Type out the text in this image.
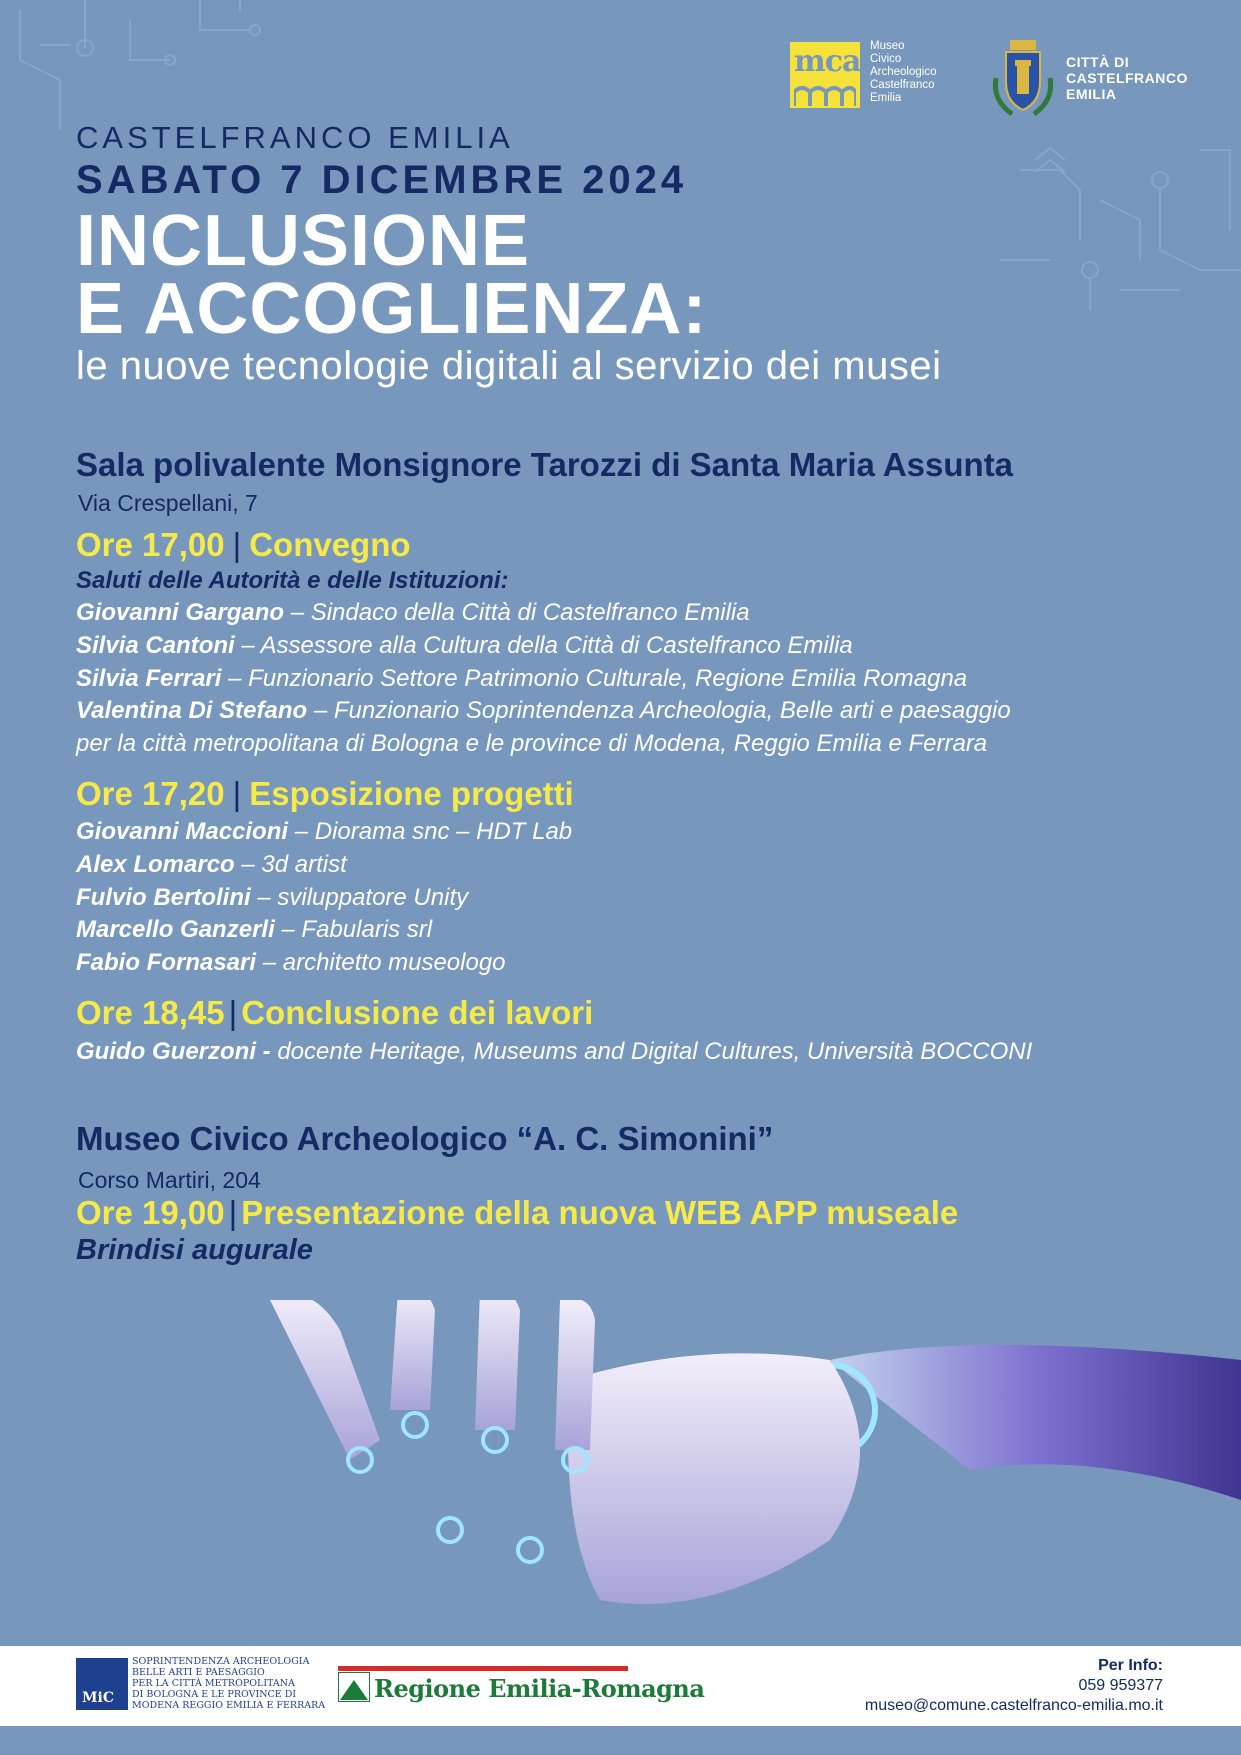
mca Museo
Civico
Archeologico
Castelfranco
Emilia
CITTÀ DI
CASTELFRANCO
EMILIA
CASTELFRANCO EMILIA
SABATO 7 DICEMBRE 2024
INCLUSIONE
E ACCOGLIENZA:
le nuove tecnologie digitali al servizio dei musei
Sala polivalente Monsignore Tarozzi di Santa Maria Assunta
Via Crespellani, 7
Ore 17,00 | Convegno
Saluti delle Autorità e delle Istituzioni:
Giovanni Gargano – Sindaco della Città di Castelfranco Emilia
Silvia Cantoni – Assessore alla Cultura della Città di Castelfranco Emilia
Silvia Ferrari – Funzionario Settore Patrimonio Culturale, Regione Emilia Romagna
Valentina Di Stefano – Funzionario Soprintendenza Archeologia, Belle arti e paesaggio
per la città metropolitana di Bologna e le province di Modena, Reggio Emilia e Ferrara
Ore 17,20 | Esposizione progetti
Giovanni Maccioni – Diorama snc – HDT Lab
Alex Lomarco – 3d artist
Fulvio Bertolini – sviluppatore Unity
Marcello Ganzerli – Fabularis srl
Fabio Fornasari – architetto museologo
Ore 18,45 | Conclusione dei lavori
Guido Guerzoni - docente Heritage, Museums and Digital Cultures, Università BOCCONI
Museo Civico Archeologico “A. C. Simonini”
Corso Martiri, 204
Ore 19,00 | Presentazione della nuova WEB APP museale
Brindisi augurale
MiC
SOPRINTENDENZA ARCHEOLOGIA
BELLE ARTI E PAESAGGIO
PER LA CITTÀ METROPOLITANA
DI BOLOGNA E LE PROVINCE DI
MODENA REGGIO EMILIA E FERRARA
Regione Emilia-Romagna
Per Info:
059 959377
museo@comune.castelfranco-emilia.mo.it
